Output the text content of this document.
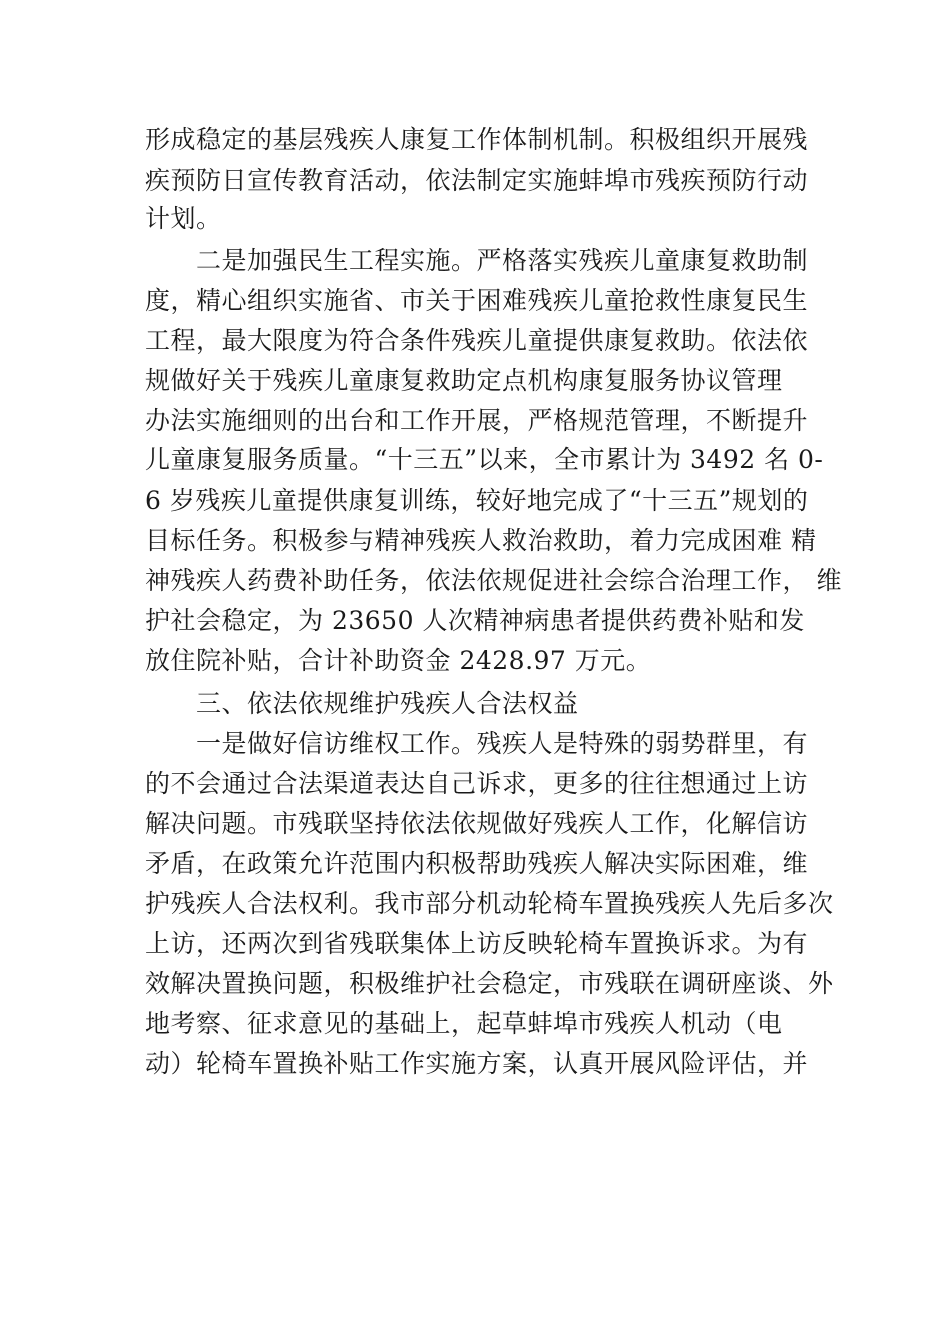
形成稳定的基层残疾人康复工作体制机制。积极组织开展残

疾预防日宣传教育活动，依法制定实施蚌埠市残疾预防行动

计划。

二是加强民生工程实施。严格落实残疾儿童康复救助制

度，精心组织实施省、市关于困难残疾儿童抢救性康复民生

工程，最大限度为符合条件残疾儿童提供康复救助。依法依

规做好关于残疾儿童康复救助定点机构康复服务协议管理

办法实施细则的出台和工作开展，严格规范管理，不断提升

儿童康复服务质量。“十三五”以来，全市累计为 3492 名 0-

6 岁残疾儿童提供康复训练，较好地完成了“十三五”规划的

目标任务。积极参与精神残疾人救治救助，着力完成困难 精

神残疾人药费补助任务，依法依规促进社会综合治理工作， 维

护社会稳定，为 23650 人次精神病患者提供药费补贴和发

放住院补贴，合计补助资金 2428.97 万元。

三、依法依规维护残疾人合法权益

一是做好信访维权工作。残疾人是特殊的弱势群里，有

的不会通过合法渠道表达自己诉求，更多的往往想通过上访

解决问题。市残联坚持依法依规做好残疾人工作，化解信访

矛盾，在政策允许范围内积极帮助残疾人解决实际困难，维

护残疾人合法权利。我市部分机动轮椅车置换残疾人先后多次

上访，还两次到省残联集体上访反映轮椅车置换诉求。为有

效解决置换问题，积极维护社会稳定，市残联在调研座谈、外

地考察、征求意见的基础上，起草蚌埠市残疾人机动（电

动）轮椅车置换补贴工作实施方案，认真开展风险评估，并
